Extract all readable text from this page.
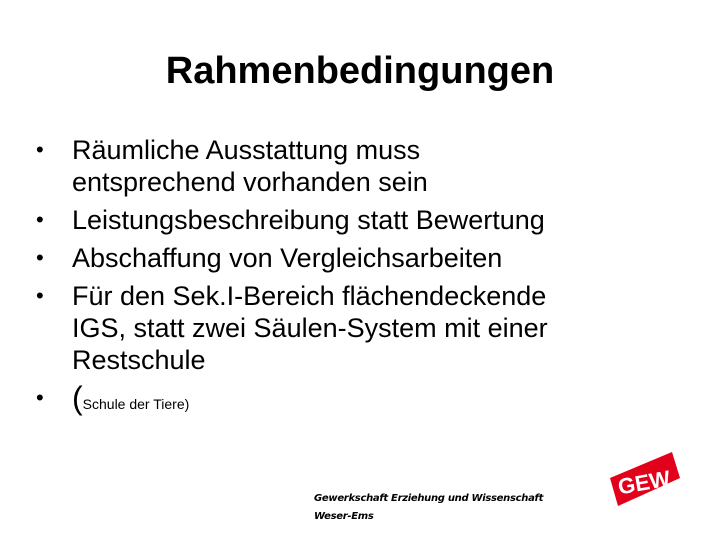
Rahmenbedingungen
• Räumliche Ausstattung muss
entsprechend vorhanden sein
• Leistungsbeschreibung statt Bewertung
• Abschaffung von Vergleichsarbeiten
• Für den Sek.I-Bereich flächendeckende
IGS, statt zwei Säulen-System mit einer
Restschule
• (Schule der Tiere)
Gewerkschaft Erziehung und Wissenschaft
Weser-Ems
GEW
